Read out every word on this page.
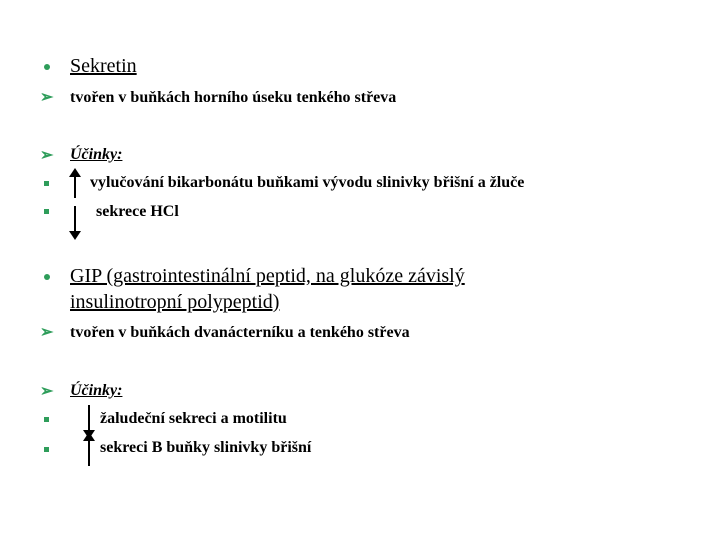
Sekretin
➢ tvořen v buňkách horního úseku tenkého střeva
➢ Účinky:
vylučování bikarbonátu buňkami vývodu slinivky břišní a žluče
sekrece HCl
GIP (gastrointestinální peptid, na glukóze závislý
insulinotropní polypeptid)
➢ tvořen v buňkách dvanácterníku a tenkého střeva
➢ Účinky:
žaludeční sekreci a motilitu
sekreci B buňky slinivky břišní
